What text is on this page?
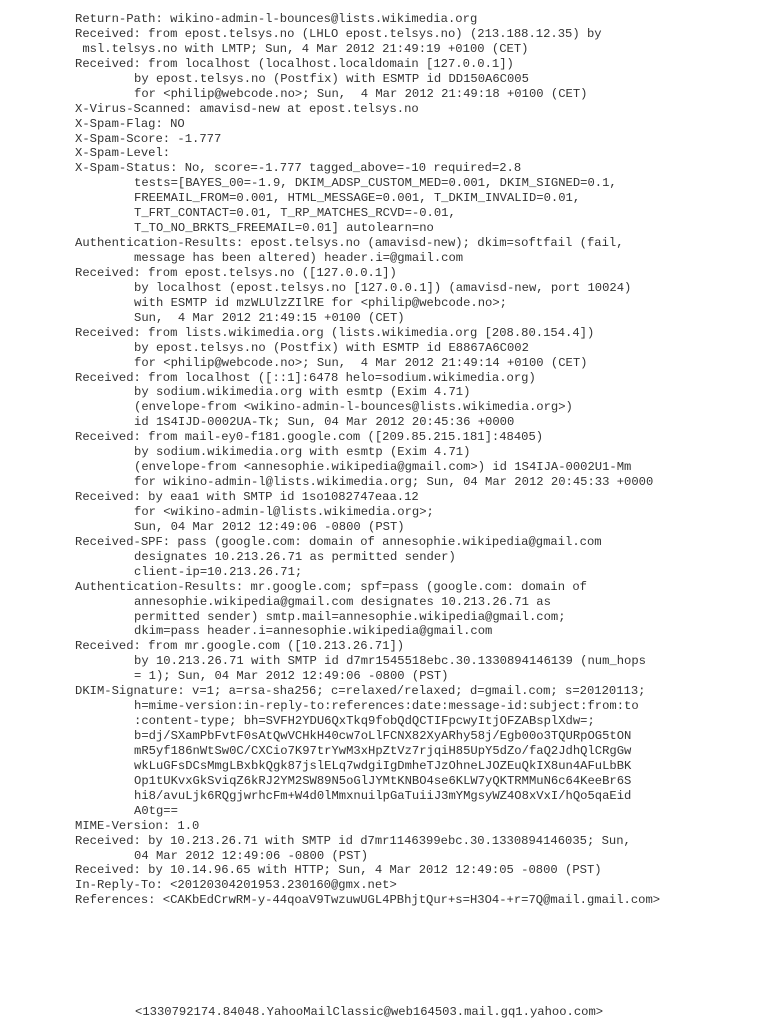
Return-Path: wikino-admin-l-bounces@lists.wikimedia.org
Received: from epost.telsys.no (LHLO epost.telsys.no) (213.188.12.35) by
msl.telsys.no with LMTP; Sun, 4 Mar 2012 21:49:19 +0100 (CET)
Received: from localhost (localhost.localdomain [127.0.0.1])
by epost.telsys.no (Postfix) with ESMTP id DD150A6C005
for <philip@webcode.no>; Sun,  4 Mar 2012 21:49:18 +0100 (CET)
X-Virus-Scanned: amavisd-new at epost.telsys.no
X-Spam-Flag: NO
X-Spam-Score: -1.777
X-Spam-Level:
X-Spam-Status: No, score=-1.777 tagged_above=-10 required=2.8
tests=[BAYES_00=-1.9, DKIM_ADSP_CUSTOM_MED=0.001, DKIM_SIGNED=0.1,
FREEMAIL_FROM=0.001, HTML_MESSAGE=0.001, T_DKIM_INVALID=0.01,
T_FRT_CONTACT=0.01, T_RP_MATCHES_RCVD=-0.01,
T_TO_NO_BRKTS_FREEMAIL=0.01] autolearn=no
Authentication-Results: epost.telsys.no (amavisd-new); dkim=softfail (fail,
message has been altered) header.i=@gmail.com
Received: from epost.telsys.no ([127.0.0.1])
by localhost (epost.telsys.no [127.0.0.1]) (amavisd-new, port 10024)
with ESMTP id mzWLUlzZIlRE for <philip@webcode.no>;
Sun,  4 Mar 2012 21:49:15 +0100 (CET)
Received: from lists.wikimedia.org (lists.wikimedia.org [208.80.154.4])
by epost.telsys.no (Postfix) with ESMTP id E8867A6C002
for <philip@webcode.no>; Sun,  4 Mar 2012 21:49:14 +0100 (CET)
Received: from localhost ([::1]:6478 helo=sodium.wikimedia.org)
by sodium.wikimedia.org with esmtp (Exim 4.71)
(envelope-from <wikino-admin-l-bounces@lists.wikimedia.org>)
id 1S4IJD-0002UA-Tk; Sun, 04 Mar 2012 20:45:36 +0000
Received: from mail-ey0-f181.google.com ([209.85.215.181]:48405)
by sodium.wikimedia.org with esmtp (Exim 4.71)
(envelope-from <annesophie.wikipedia@gmail.com>) id 1S4IJA-0002U1-Mm
for wikino-admin-l@lists.wikimedia.org; Sun, 04 Mar 2012 20:45:33 +0000
Received: by eaa1 with SMTP id 1so1082747eaa.12
for <wikino-admin-l@lists.wikimedia.org>;
Sun, 04 Mar 2012 12:49:06 -0800 (PST)
Received-SPF: pass (google.com: domain of annesophie.wikipedia@gmail.com
designates 10.213.26.71 as permitted sender)
client-ip=10.213.26.71;
Authentication-Results: mr.google.com; spf=pass (google.com: domain of
annesophie.wikipedia@gmail.com designates 10.213.26.71 as
permitted sender) smtp.mail=annesophie.wikipedia@gmail.com;
dkim=pass header.i=annesophie.wikipedia@gmail.com
Received: from mr.google.com ([10.213.26.71])
by 10.213.26.71 with SMTP id d7mr1545518ebc.30.1330894146139 (num_hops
= 1); Sun, 04 Mar 2012 12:49:06 -0800 (PST)
DKIM-Signature: v=1; a=rsa-sha256; c=relaxed/relaxed; d=gmail.com; s=20120113;
h=mime-version:in-reply-to:references:date:message-id:subject:from:to
:content-type; bh=SVFH2YDU6QxTkq9fobQdQCTIFpcwyItjOFZABsplXdw=;
b=dj/SXamPbFvtF0sAtQwVCHkH40cw7oLlFCNX82XyARhy58j/Egb00o3TQURpOG5tON
mR5yf186nWtSw0C/CXCio7K97trYwM3xHpZtVz7rjqiH85UpY5dZo/faQ2JdhQlCRgGw
wkLuGFsDCsMmgLBxbkQgk87jslELq7wdgiIgDmheTJzOhneLJOZEuQkIX8un4AFuLbBK
Op1tUKvxGkSviqZ6kRJ2YM2SW89N5oGlJYMtKNBO4se6KLW7yQKTRMMuN6c64KeeBr6S
hi8/avuLjk6RQgjwrhcFm+W4d0lMmxnuilpGaTuiiJ3mYMgsyWZ4O8xVxI/hQo5qaEid
A0tg==
MIME-Version: 1.0
Received: by 10.213.26.71 with SMTP id d7mr1146399ebc.30.1330894146035; Sun,
04 Mar 2012 12:49:06 -0800 (PST)
Received: by 10.14.96.65 with HTTP; Sun, 4 Mar 2012 12:49:05 -0800 (PST)
In-Reply-To: <20120304201953.230160@gmx.net>
References: <CAKbEdCrwRM-y-44qoaV9TwzuwUGL4PBhjtQur+s=H3O4-+r=7Q@mail.gmail.com>
<1330792174.84048.YahooMailClassic@web164503.mail.gq1.yahoo.com>
